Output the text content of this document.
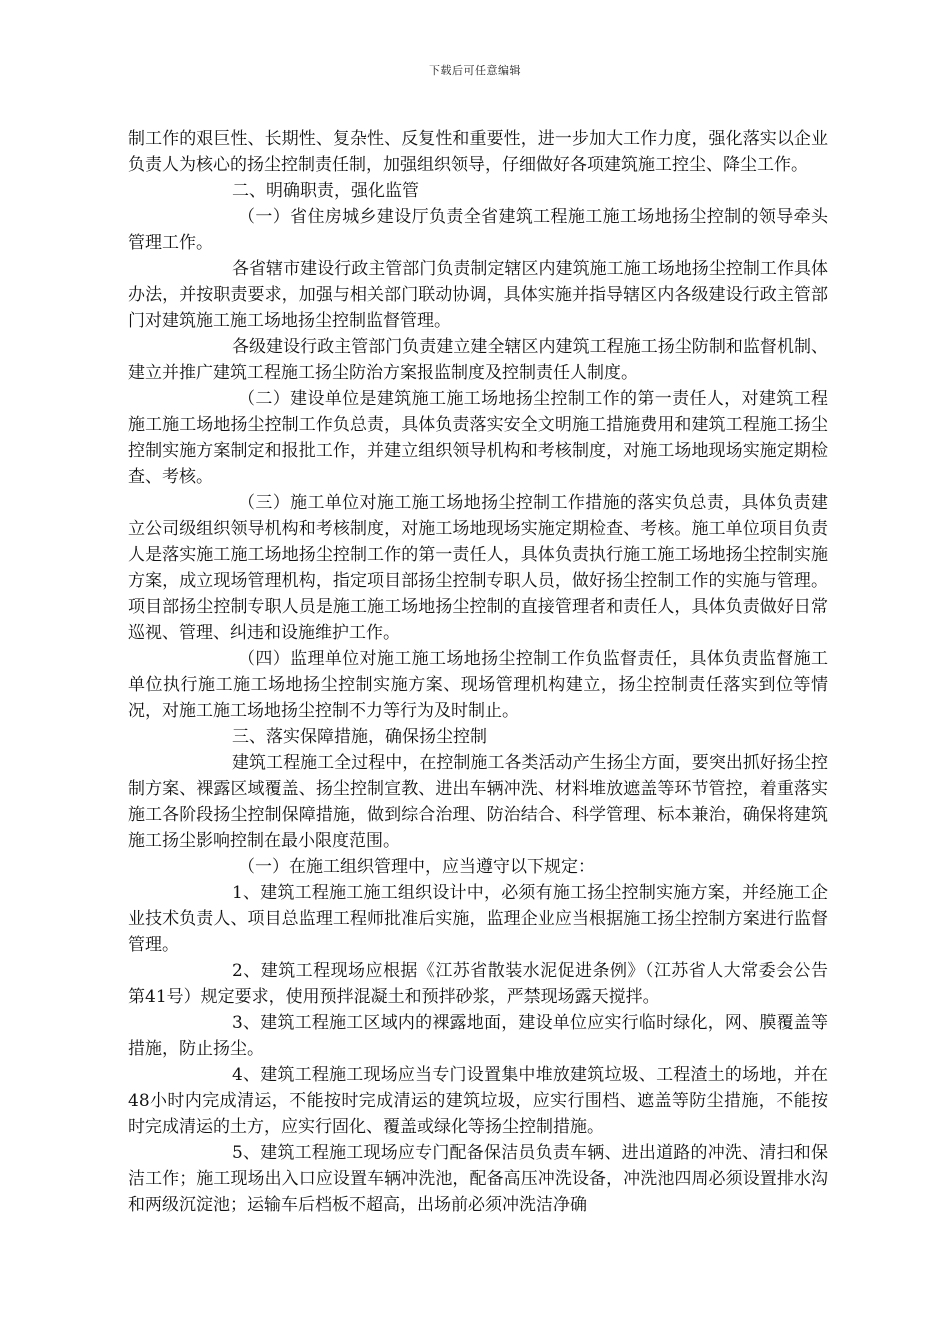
下载后可任意编辑

制工作的艰巨性、长期性、复杂性、反复性和重要性，进一步加大工作力度，强化落实以企业负责人为核心的扬尘控制责任制，加强组织领导，仔细做好各项建筑施工控尘、降尘工作。

二、明确职责，强化监管

（一）省住房城乡建设厅负责全省建筑工程施工施工场地扬尘控制的领导牵头管理工作。

各省辖市建设行政主管部门负责制定辖区内建筑施工施工场地扬尘控制工作具体办法，并按职责要求，加强与相关部门联动协调，具体实施并指导辖区内各级建设行政主管部门对建筑施工施工场地扬尘控制监督管理。

各级建设行政主管部门负责建立建全辖区内建筑工程施工扬尘防制和监督机制、建立并推广建筑工程施工扬尘防治方案报监制度及控制责任人制度。

（二）建设单位是建筑施工施工场地扬尘控制工作的第一责任人，对建筑工程施工施工场地扬尘控制工作负总责，具体负责落实安全文明施工措施费用和建筑工程施工扬尘控制实施方案制定和报批工作，并建立组织领导机构和考核制度，对施工场地现场实施定期检查、考核。

（三）施工单位对施工施工场地扬尘控制工作措施的落实负总责，具体负责建立公司级组织领导机构和考核制度，对施工场地现场实施定期检查、考核。施工单位项目负责人是落实施工施工场地扬尘控制工作的第一责任人，具体负责执行施工施工场地扬尘控制实施方案，成立现场管理机构，指定项目部扬尘控制专职人员，做好扬尘控制工作的实施与管理。项目部扬尘控制专职人员是施工施工场地扬尘控制的直接管理者和责任人，具体负责做好日常巡视、管理、纠违和设施维护工作。

（四）监理单位对施工施工场地扬尘控制工作负监督责任，具体负责监督施工单位执行施工施工场地扬尘控制实施方案、现场管理机构建立，扬尘控制责任落实到位等情况，对施工施工场地扬尘控制不力等行为及时制止。

三、落实保障措施，确保扬尘控制

建筑工程施工全过程中，在控制施工各类活动产生扬尘方面，要突出抓好扬尘控制方案、裸露区域覆盖、扬尘控制宣教、进出车辆冲洗、材料堆放遮盖等环节管控，着重落实施工各阶段扬尘控制保障措施，做到综合治理、防治结合、科学管理、标本兼治，确保将建筑施工扬尘影响控制在最小限度范围。

（一）在施工组织管理中，应当遵守以下规定：

1、建筑工程施工施工组织设计中，必须有施工扬尘控制实施方案，并经施工企业技术负责人、项目总监理工程师批准后实施，监理企业应当根据施工扬尘控制方案进行监督管理。

2、建筑工程现场应根据《江苏省散装水泥促进条例》（江苏省人大常委会公告第41号）规定要求，使用预拌混凝土和预拌砂浆，严禁现场露天搅拌。

3、建筑工程施工区域内的裸露地面，建设单位应实行临时绿化，网、膜覆盖等措施，防止扬尘。

4、建筑工程施工现场应当专门设置集中堆放建筑垃圾、工程渣土的场地，并在48小时内完成清运，不能按时完成清运的建筑垃圾，应实行围档、遮盖等防尘措施，不能按时完成清运的土方，应实行固化、覆盖或绿化等扬尘控制措施。

5、建筑工程施工现场应专门配备保洁员负责车辆、进出道路的冲洗、清扫和保洁工作；施工现场出入口应设置车辆冲洗池，配备高压冲洗设备，冲洗池四周必须设置排水沟和两级沉淀池；运输车后档板不超高，出场前必须冲洗洁净确
